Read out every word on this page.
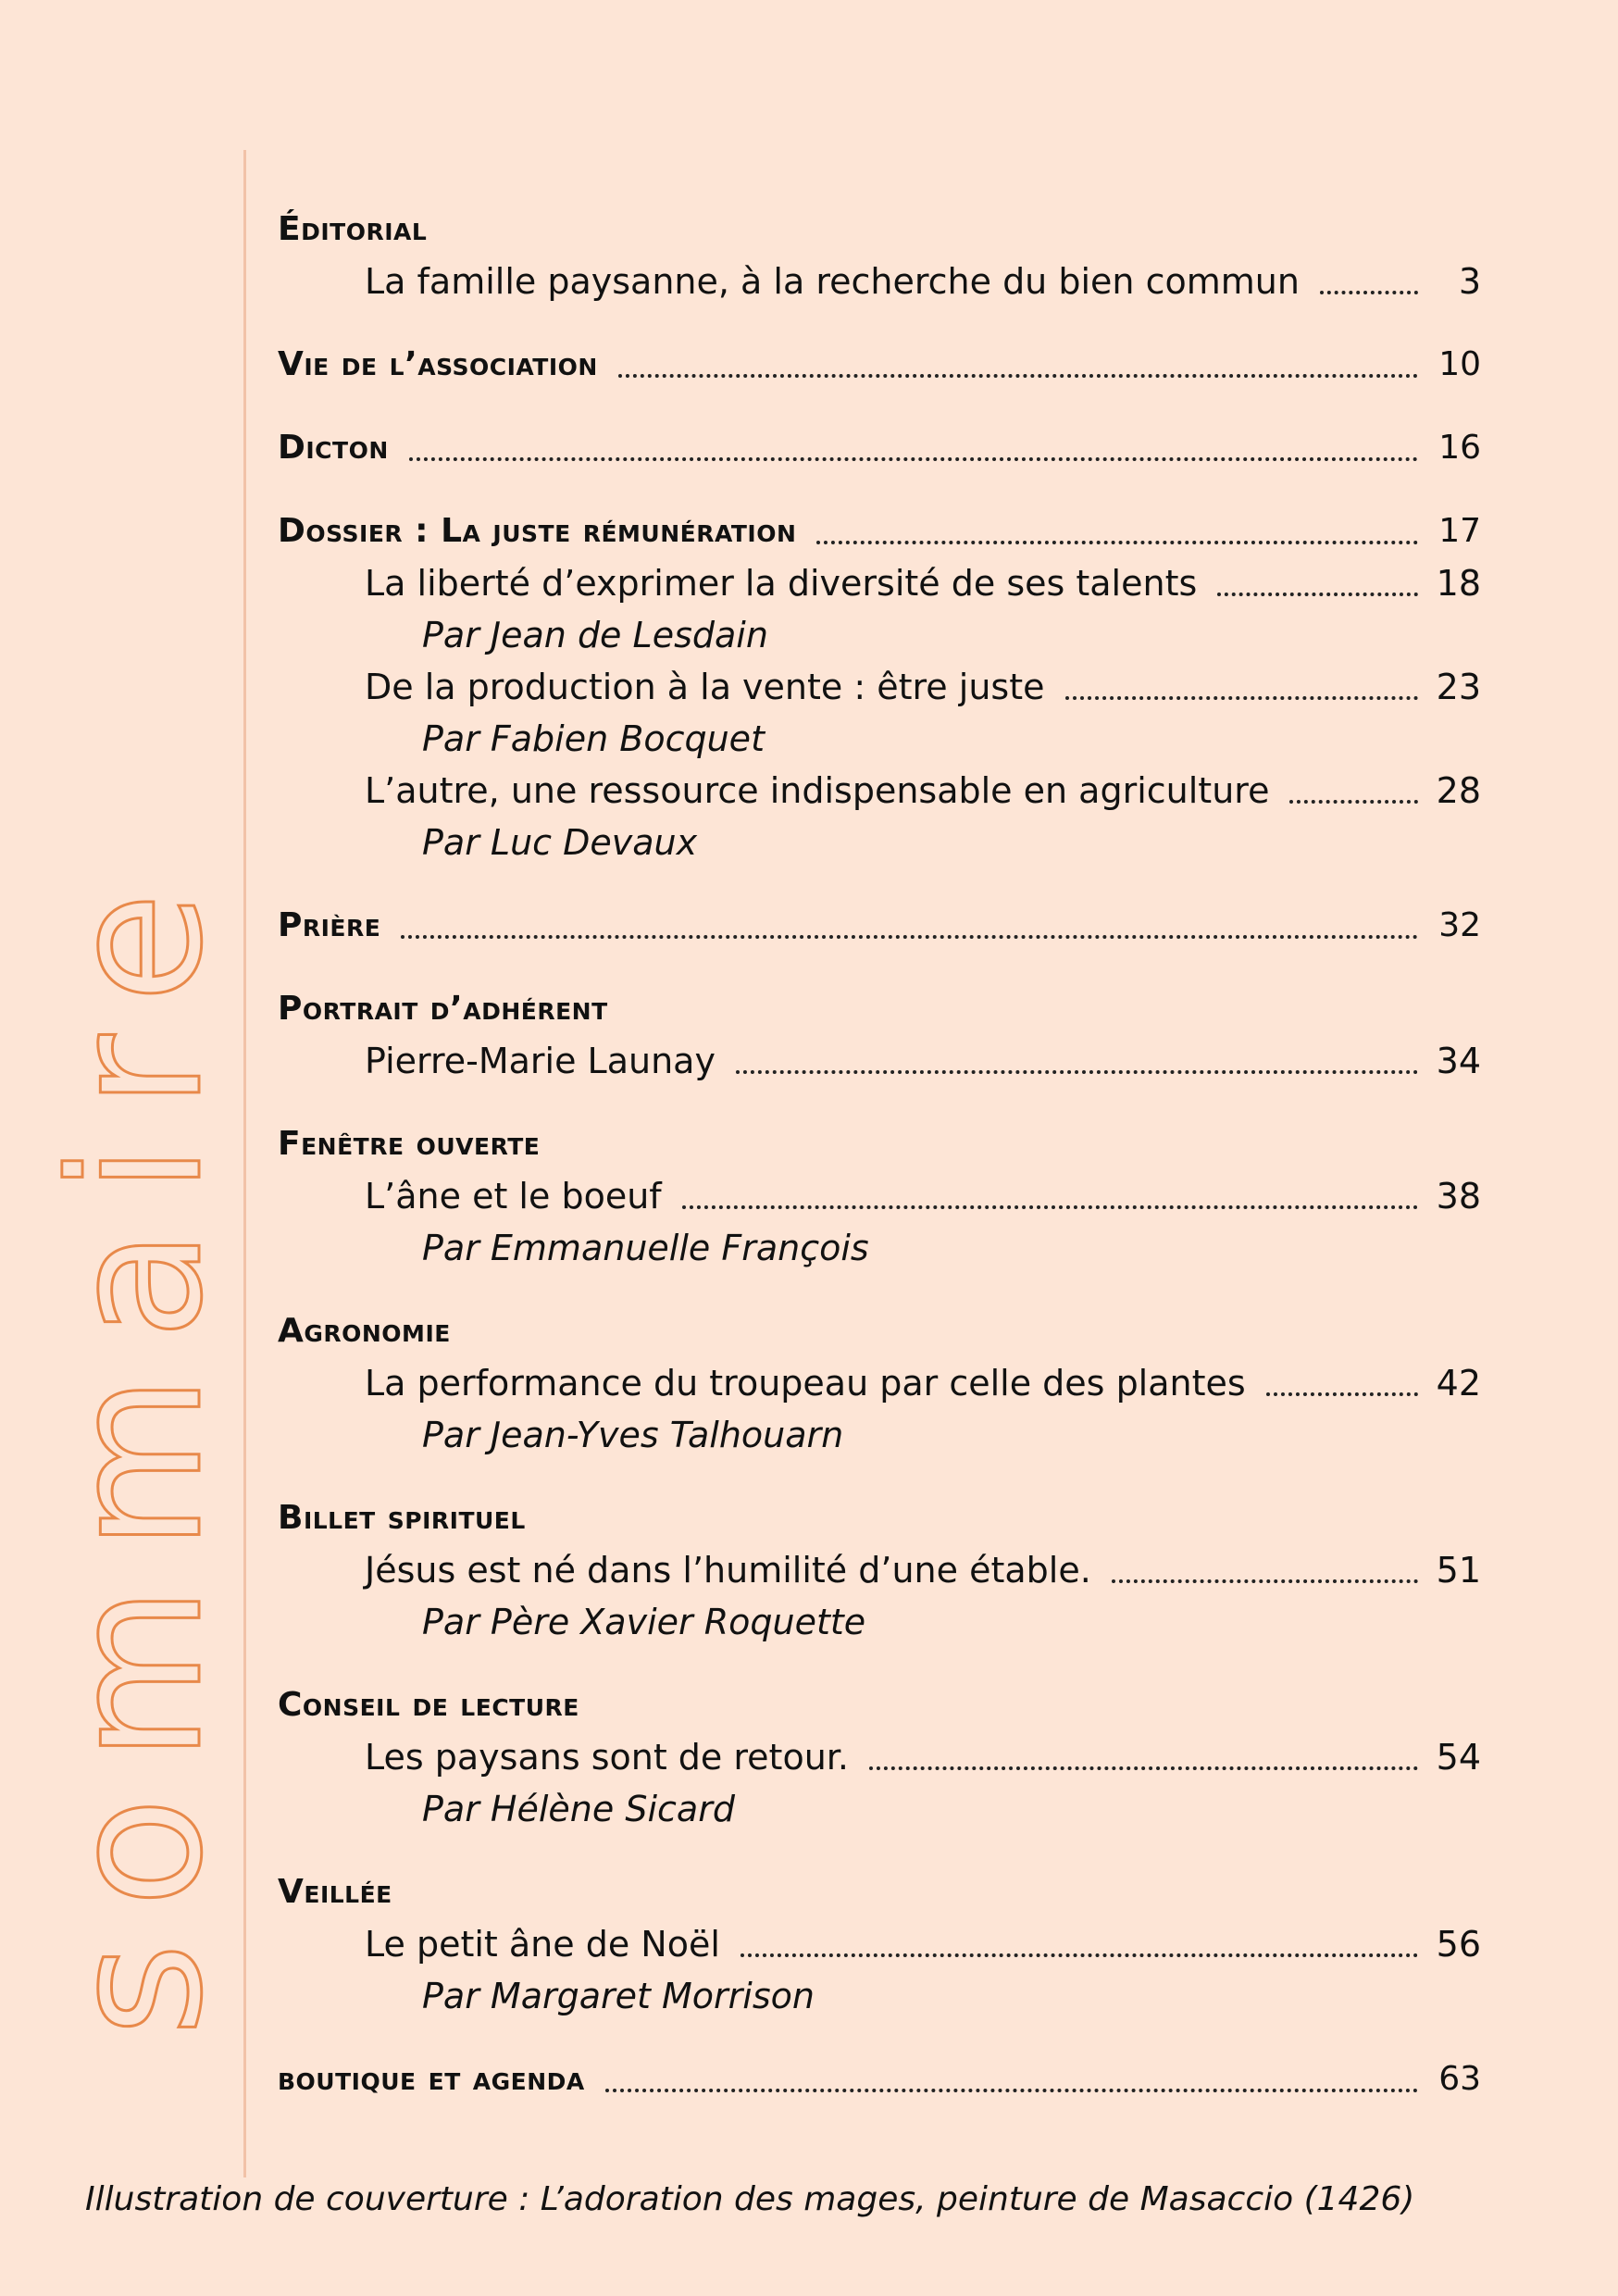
sommaire
Éditorial
La famille paysanne, à la recherche du bien commun	3
Vie de l’association	10
Dicton	16
Dossier : La juste rémunération	17
La liberté d’exprimer la diversité de ses talents	18
Par Jean de Lesdain
De la production à la vente : être juste	23
Par Fabien Bocquet
L’autre, une ressource indispensable en agriculture	28
Par Luc Devaux
Prière	32
Portrait d’adhérent
Pierre-Marie Launay	34
Fenêtre ouverte
L’âne et le boeuf	38
Par Emmanuelle François
Agronomie
La performance du troupeau par celle des plantes	42
Par Jean-Yves Talhouarn
Billet spirituel
Jésus est né dans l’humilité d’une étable.	51
Par Père Xavier Roquette
Conseil de lecture
Les paysans sont de retour.	54
Par Hélène Sicard
Veillée
Le petit âne de Noël	56
Par Margaret Morrison
boutique et agenda	63
Illustration de couverture : L’adoration des mages, peinture de Masaccio (1426)
